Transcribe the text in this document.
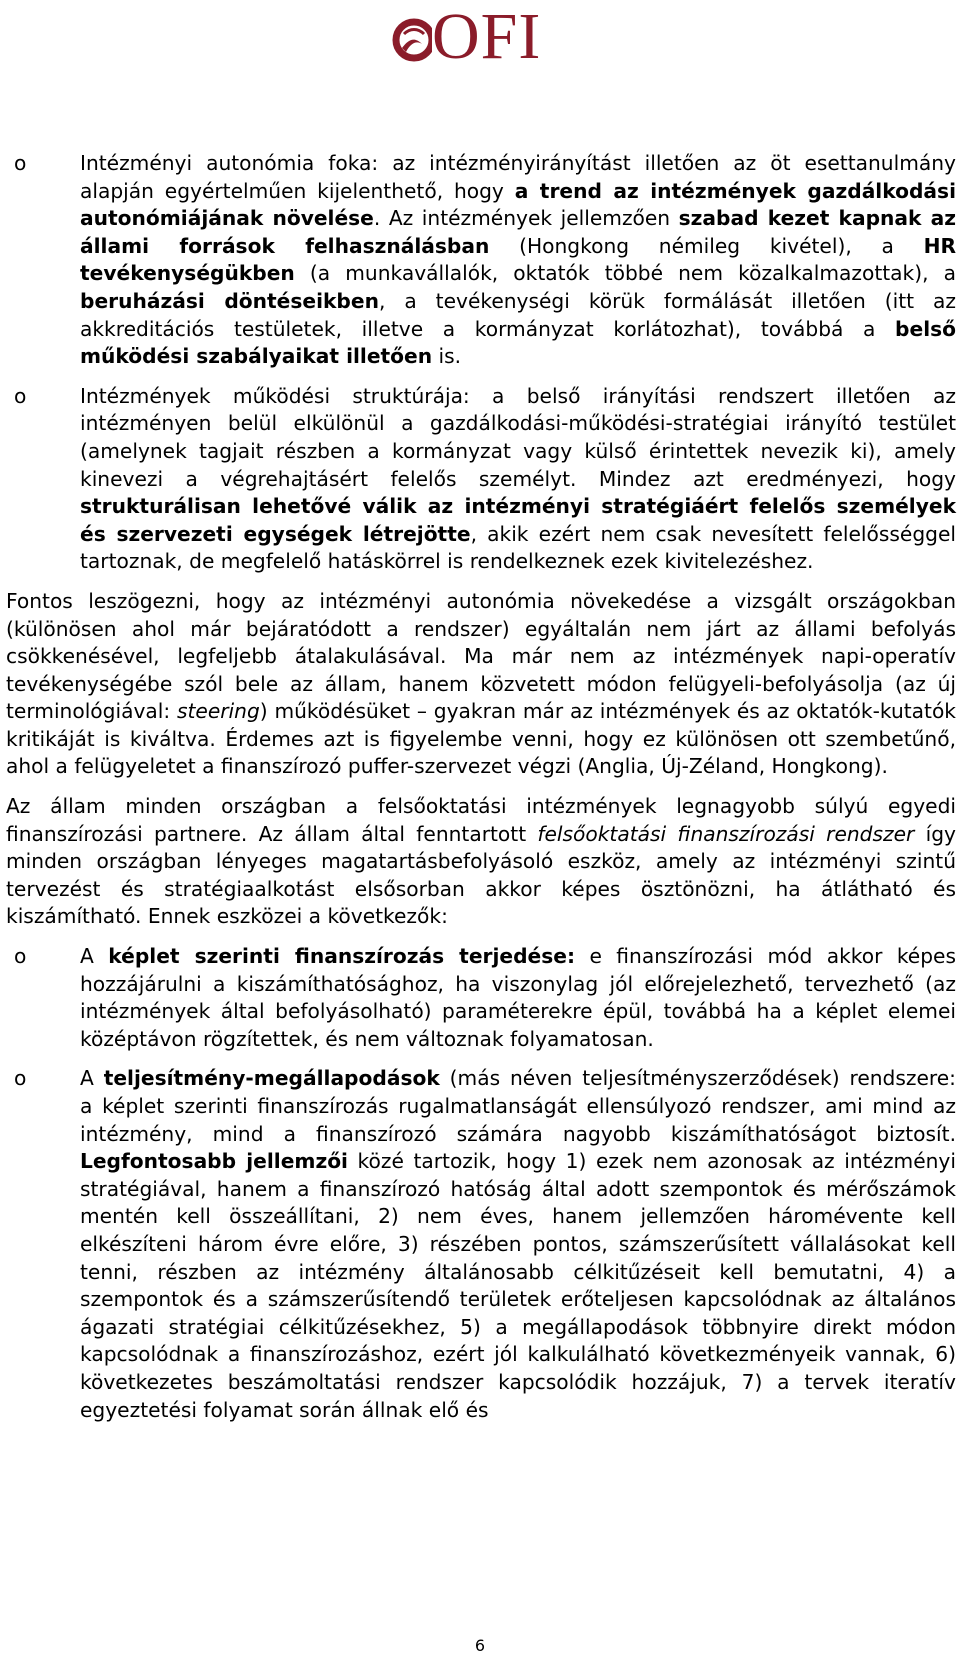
OFI
o	Intézményi autonómia foka: az intézményirányítást illetően az öt esettanulmány alapján egyértelműen kijelenthető, hogy a trend az intézmények gazdálkodási autonómiájának növelése. Az intézmények jellemzően szabad kezet kapnak az állami források felhasználásban (Hongkong némileg kivétel), a HR tevékenységükben (a munkavállalók, oktatók többé nem közalkalmazottak), a beruházási döntéseikben, a tevékenységi körük formálását illetően (itt az akkreditációs testületek, illetve a kormányzat korlátozhat), továbbá a belső működési szabályaikat illetően is.
o	Intézmények működési struktúrája: a belső irányítási rendszert illetően az intézményen belül elkülönül a gazdálkodási-működési-stratégiai irányító testület (amelynek tagjait részben a kormányzat vagy külső érintettek nevezik ki), amely kinevezi a végrehajtásért felelős személyt. Mindez azt eredményezi, hogy strukturálisan lehetővé válik az intézményi stratégiáért felelős személyek és szervezeti egységek létrejötte, akik ezért nem csak nevesített felelősséggel tartoznak, de megfelelő hatáskörrel is rendelkeznek ezek kivitelezéshez.
Fontos leszögezni, hogy az intézményi autonómia növekedése a vizsgált országokban (különösen ahol már bejáratódott a rendszer) egyáltalán nem járt az állami befolyás csökkenésével, legfeljebb átalakulásával. Ma már nem az intézmények napi-operatív tevékenységébe szól bele az állam, hanem közvetett módon felügyeli-befolyásolja (az új terminológiával: steering) működésüket – gyakran már az intézmények és az oktatók-kutatók kritikáját is kiváltva. Érdemes azt is figyelembe venni, hogy ez különösen ott szembetűnő, ahol a felügyeletet a finanszírozó puffer-szervezet végzi (Anglia, Új-Zéland, Hongkong).
Az állam minden országban a felsőoktatási intézmények legnagyobb súlyú egyedi finanszírozási partnere. Az állam által fenntartott felsőoktatási finanszírozási rendszer így minden országban lényeges magatartásbefolyásoló eszköz, amely az intézményi szintű tervezést és stratégiaalkotást elsősorban akkor képes ösztönözni, ha átlátható és kiszámítható. Ennek eszközei a következők:
o	A képlet szerinti finanszírozás terjedése: e finanszírozási mód akkor képes hozzájárulni a kiszámíthatósághoz, ha viszonylag jól előrejelezhető, tervezhető (az intézmények által befolyásolható) paraméterekre épül, továbbá ha a képlet elemei középtávon rögzítettek, és nem változnak folyamatosan.
o	A teljesítmény-megállapodások (más néven teljesítményszerződések) rendszere: a képlet szerinti finanszírozás rugalmatlanságát ellensúlyozó rendszer, ami mind az intézmény, mind a finanszírozó számára nagyobb kiszámíthatóságot biztosít. Legfontosabb jellemzői közé tartozik, hogy 1) ezek nem azonosak az intézményi stratégiával, hanem a finanszírozó hatóság által adott szempontok és mérőszámok mentén kell összeállítani, 2) nem éves, hanem jellemzően háromévente kell elkészíteni három évre előre, 3) részében pontos, számszerűsített vállalásokat kell tenni, részben az intézmény általánosabb célkitűzéseit kell bemutatni, 4) a szempontok és a számszerűsítendő területek erőteljesen kapcsolódnak az általános ágazati stratégiai célkitűzésekhez, 5) a megállapodások többnyire direkt módon kapcsolódnak a finanszírozáshoz, ezért jól kalkulálható következményeik vannak, 6) következetes beszámoltatási rendszer kapcsolódik hozzájuk, 7) a tervek iteratív egyeztetési folyamat során állnak elő és
6
